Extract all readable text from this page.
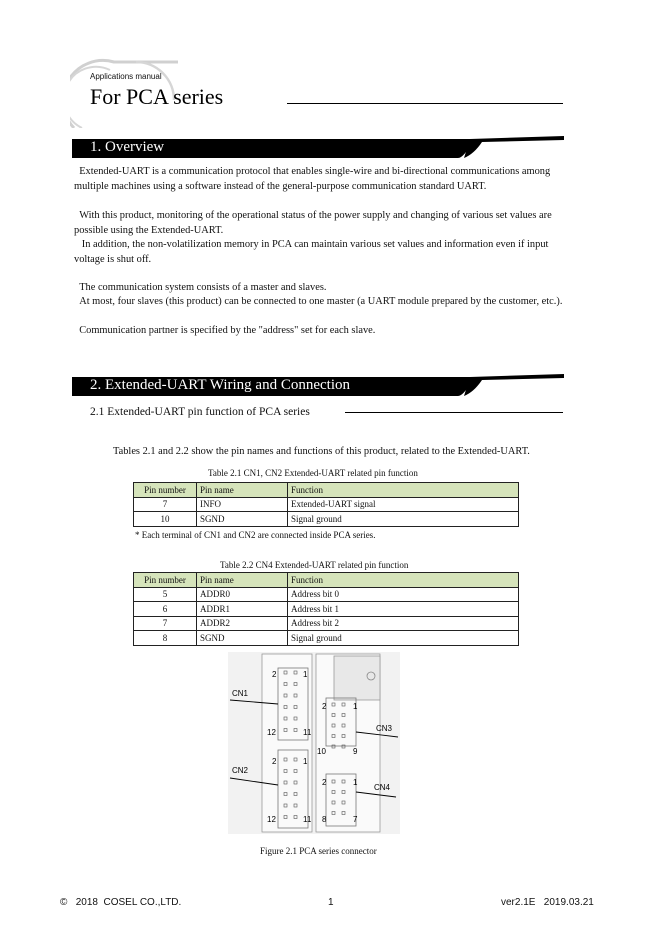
Applications manual
For PCA series
1. Overview
Extended-UART is a communication protocol that enables single-wire and bi-directional communications among multiple machines using a software instead of the general-purpose communication standard UART.
With this product, monitoring of the operational status of the power supply and changing of various set values are possible using the Extended-UART.
In addition, the non-volatilization memory in PCA can maintain various set values and information even if input voltage is shut off.
The communication system consists of a master and slaves.
At most, four slaves (this product) can be connected to one master (a UART module prepared by the customer, etc.).
Communication partner is specified by the "address" set for each slave.
2. Extended-UART Wiring and Connection
2.1 Extended-UART pin function of PCA series
Tables 2.1 and 2.2 show the pin names and functions of this product, related to the Extended-UART.
Table 2.1 CN1, CN2 Extended-UART related pin function
Pin number	Pin name	Function
7	INFO	Extended-UART signal
10	SGND	Signal ground
* Each terminal of CN1 and CN2 are connected inside PCA series.
Table 2.2 CN4 Extended-UART related pin function
Pin number	Pin name	Function
5	ADDR0	Address bit 0
6	ADDR1	Address bit 1
7	ADDR2	Address bit 2
8	SGND	Signal ground
CN1
CN2
CN3
CN4
2	1
12	11
2	1
12	11
2	1
10	9
2	1
8	7
Figure 2.1 PCA series connector
©   2018  COSEL CO.,LTD.	1	ver2.1E   2019.03.21
